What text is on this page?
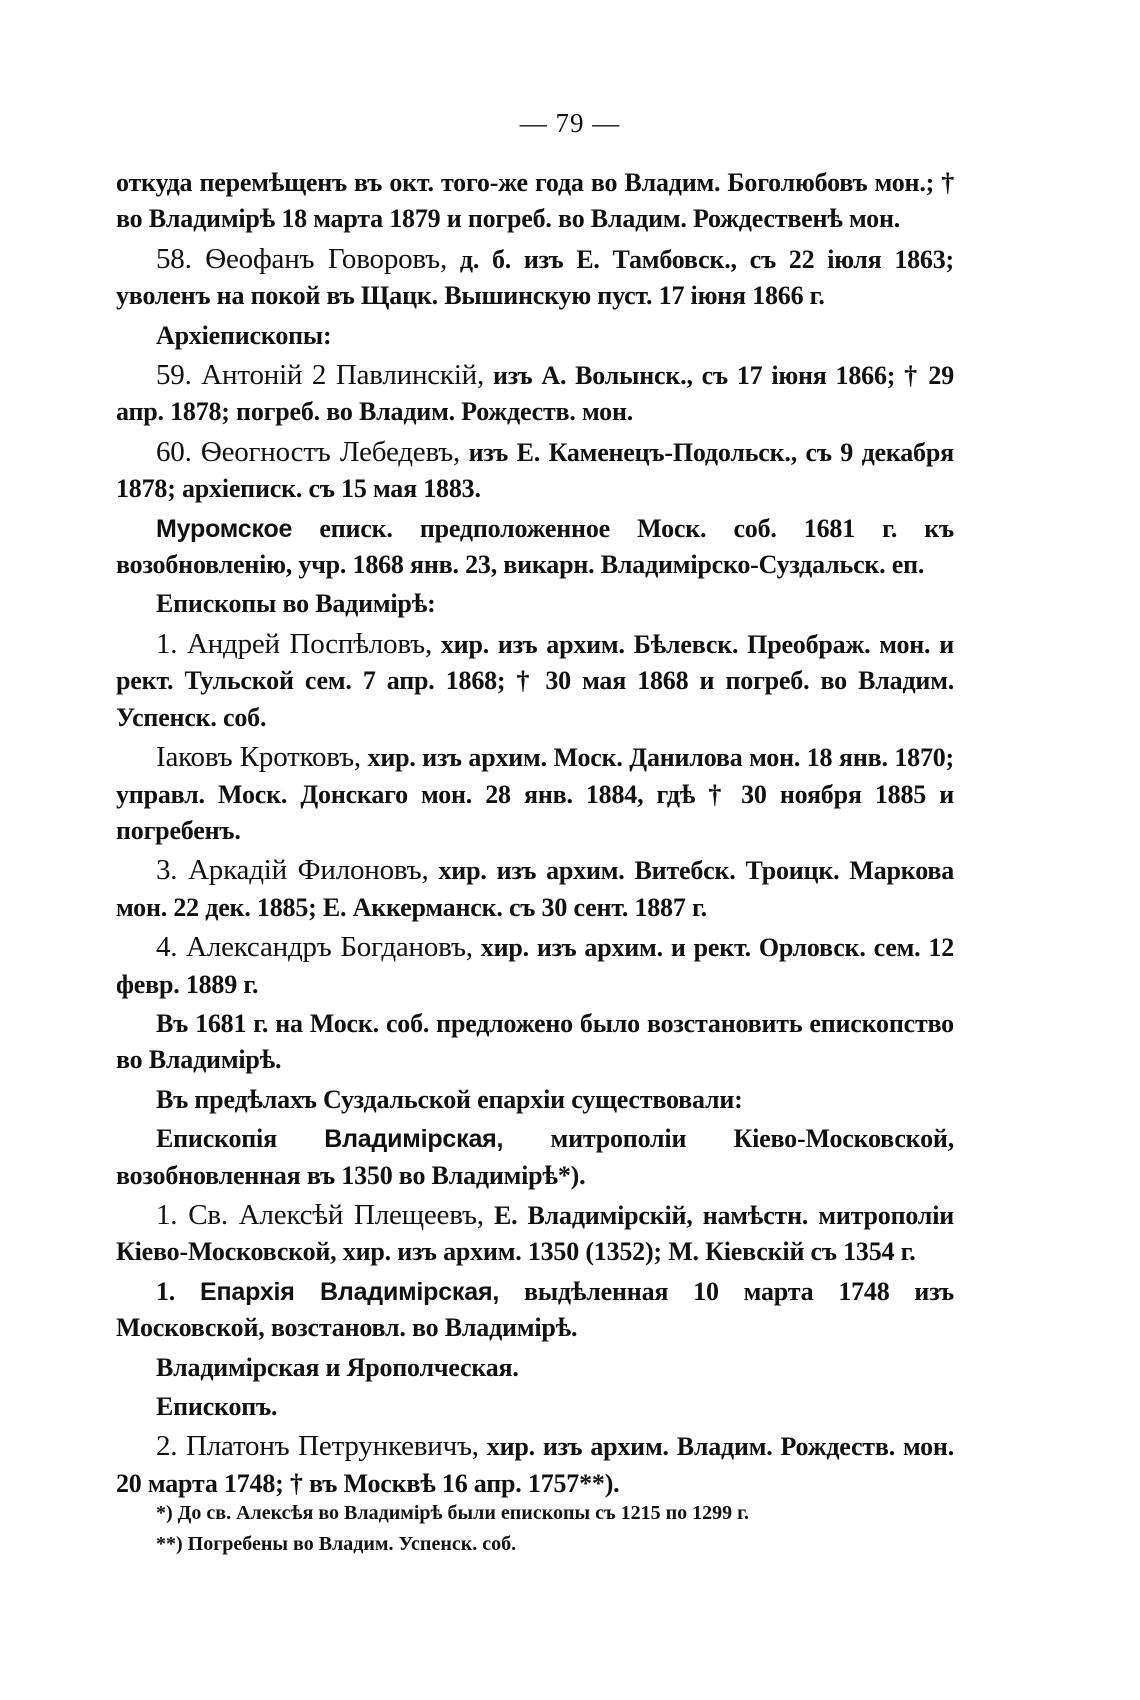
— 79 —

откуда перемѣщенъ въ окт. того-же года во Владим. Боголюбовъ мон.; † во Владимірѣ 18 марта 1879 и погреб. во Владим. Рождественѣ мон.

58. Ѳеофанъ Говоровъ, д. б. изъ Е. Тамбовск., съ 22 іюля 1863; уволенъ на покой въ Щацк. Вышинскую пуст. 17 іюня 1866 г.

Архіепископы:

59. Антоній 2 Павлинскій, изъ А. Волынск., съ 17 іюня 1866; † 29 апр. 1878; погреб. во Владим. Рождеств. мон.

60. Ѳеогностъ Лебедевъ, изъ Е. Каменецъ-Подольск., съ 9 декабря 1878; архіеписк. съ 15 мая 1883.

Муромское еписк. предположенное Моск. соб. 1681 г. къ возобновленію, учр. 1868 янв. 23, викарн. Владимірско-Суздальск. еп.

Епископы во Вадимірѣ:

1. Андрей Поспѣловъ, хир. изъ архим. Бѣлевск. Преображ. мон. и рект. Тульской сем. 7 апр. 1868; † 30 мая 1868 и погреб. во Владим. Успенск. соб.

Іаковъ Кротковъ, хир. изъ архим. Моск. Данилова мон. 18 янв. 1870; управл. Моск. Донскаго мон. 28 янв. 1884, гдѣ † 30 ноября 1885 и погребенъ.

3. Аркадій Филоновъ, хир. изъ архим. Витебск. Троицк. Маркова мон. 22 дек. 1885; Е. Аккерманск. съ 30 сент. 1887 г.

4. Александръ Богдановъ, хир. изъ архим. и рект. Орловск. сем. 12 февр. 1889 г.

Въ 1681 г. на Моск. соб. предложено было возстановить епископство во Владимірѣ.

Въ предѣлахъ Суздальской епархіи существовали:

Епископія Владимірская, митрополіи Кіево-Московской, возобновленная въ 1350 во Владимірѣ*).

1. Св. Алексѣй Плещеевъ, Е. Владимірскій, намѣстн. митрополіи Кіево-Московской, хир. изъ архим. 1350 (1352); М. Кіевскій съ 1354 г.

1. Епархія Владимірская, выдѣленная 10 марта 1748 изъ Московской, возстановл. во Владимірѣ.

Владимірская и Ярополческая.

Епископъ.

2. Платонъ Петрункевичъ, хир. изъ архим. Владим. Рождеств. мон. 20 марта 1748; † въ Москвѣ 16 апр. 1757**).

*) До св. Алексѣя во Владимірѣ были епископы съ 1215 по 1299 г.

**) Погребены во Владим. Успенск. соб.
